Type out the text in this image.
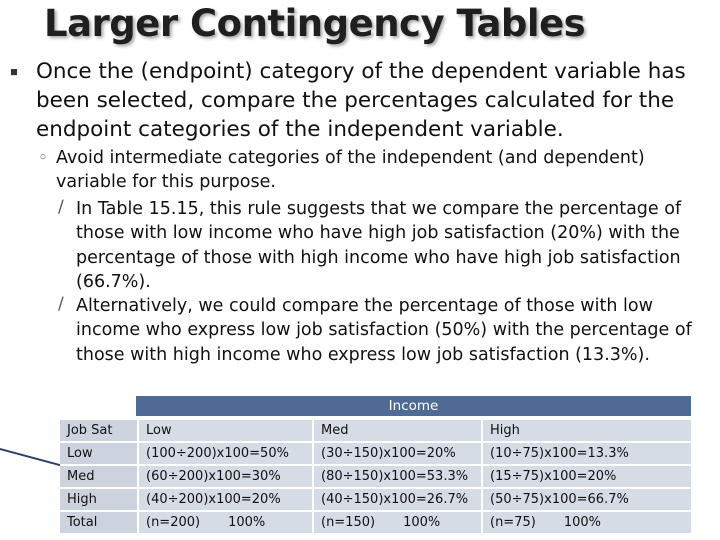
Larger Contingency Tables
◾ Once the (endpoint) category of the dependent variable has been selected, compare the percentages calculated for the endpoint categories of the independent variable.
◦ Avoid intermediate categories of the independent (and dependent) variable for this purpose.
∕ In Table 15.15, this rule suggests that we compare the percentage of those with low income who have high job satisfaction (20%) with the percentage of those with high income who have high job satisfaction (66.7%).
∕ Alternatively, we could compare the percentage of those with low income who express low job satisfaction (50%) with the percentage of those with high income who express low job satisfaction (13.3%).
Income
Job Sat	Low	Med	High
Low	(100÷200)x100=50%	(30÷150)x100=20%	(10÷75)x100=13.3%
Med	(60÷200)x100=30%	(80÷150)x100=53.3%	(15÷75)x100=20%
High	(40÷200)x100=20%	(40÷150)x100=26.7%	(50÷75)x100=66.7%
Total	(n=200) 100%	(n=150) 100%	(n=75) 100%
